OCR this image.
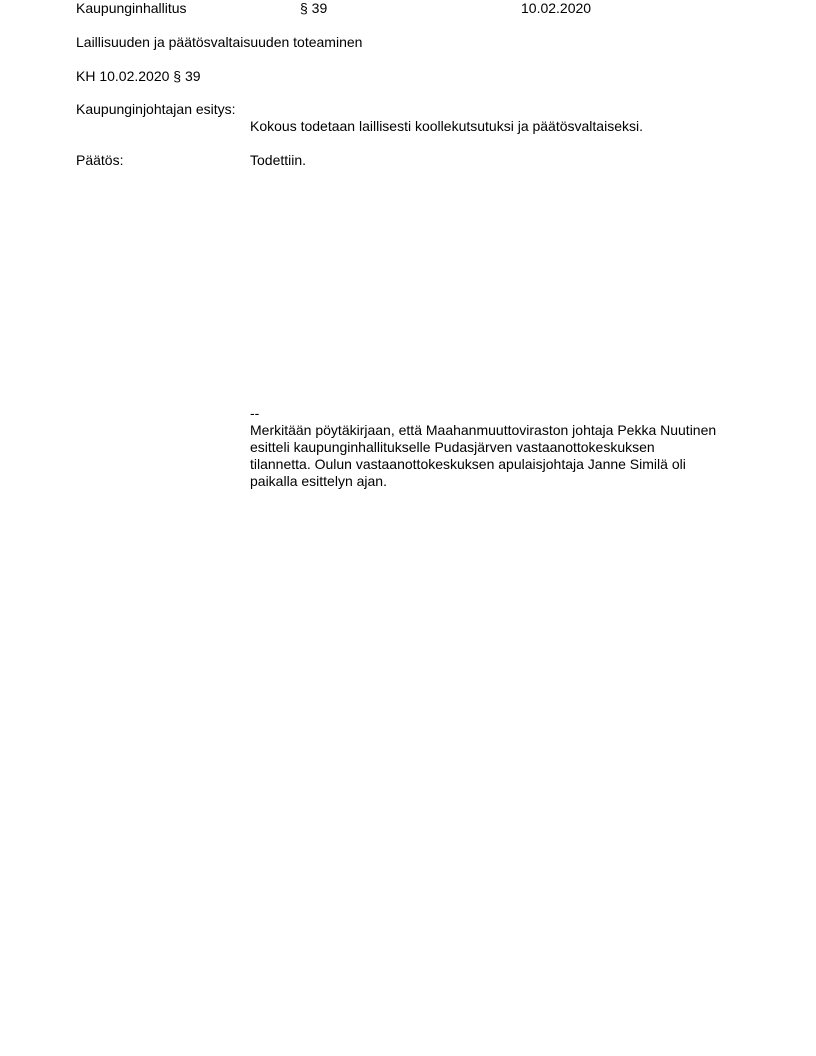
Kaupunginhallitus	§ 39	10.02.2020
Laillisuuden ja päätösvaltaisuuden toteaminen
KH 10.02.2020 § 39
Kaupunginjohtajan esitys:
Kokous todetaan laillisesti koollekutsutuksi ja päätösvaltaiseksi.
Päätös:	Todettiin.
--
Merkitään pöytäkirjaan, että Maahanmuuttoviraston johtaja Pekka Nuutinen
esitteli kaupunginhallitukselle Pudasjärven vastaanottokeskuksen
tilannetta. Oulun vastaanottokeskuksen apulaisjohtaja Janne Similä oli
paikalla esittelyn ajan.
